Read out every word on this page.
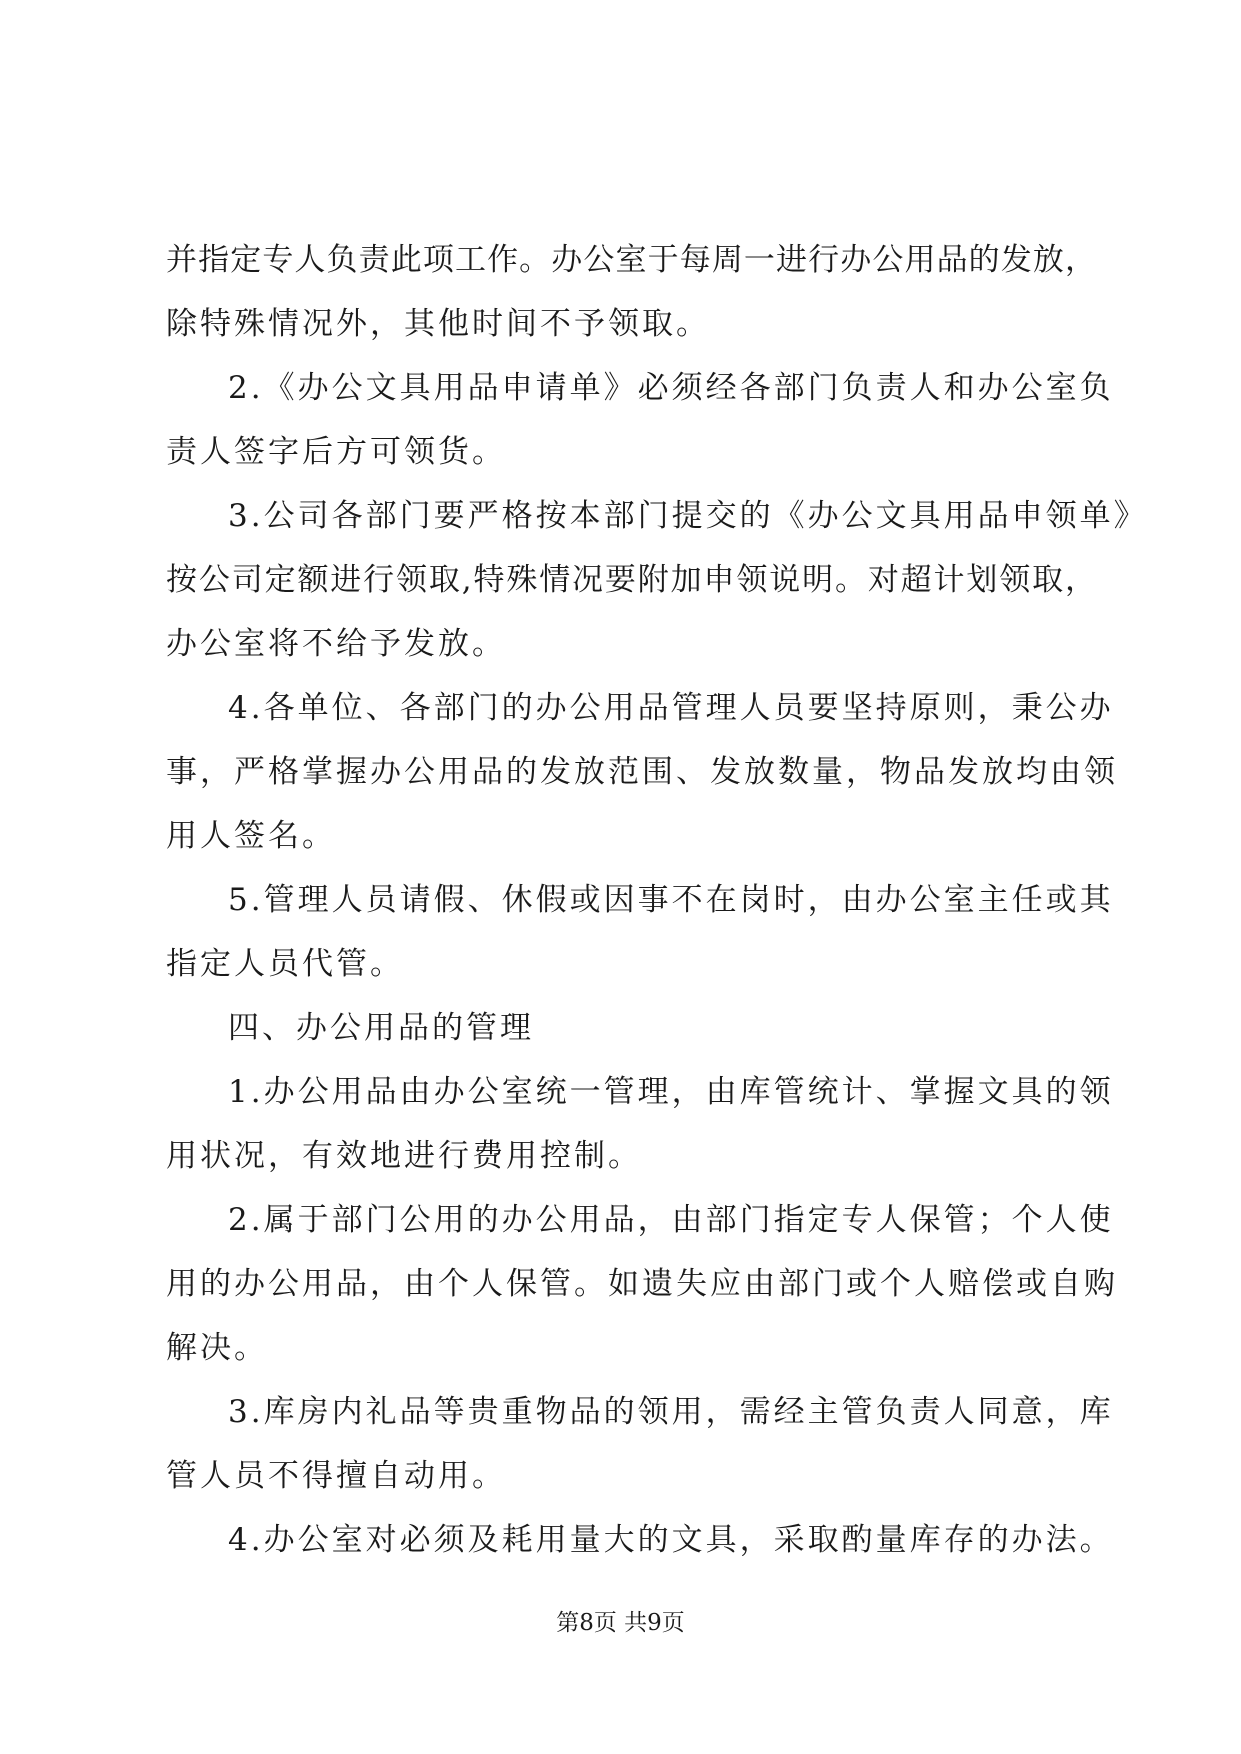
并指定专人负责此项工作。办公室于每周一进行办公用品的发放，
除特殊情况外，其他时间不予领取。
2.《办公文具用品申请单》必须经各部门负责人和办公室负
责人签字后方可领货。
3.公司各部门要严格按本部门提交的《办公文具用品申领单》
按公司定额进行领取,特殊情况要附加申领说明。对超计划领取，
办公室将不给予发放。
4.各单位、各部门的办公用品管理人员要坚持原则，秉公办
事，严格掌握办公用品的发放范围、发放数量，物品发放均由领
用人签名。
5.管理人员请假、休假或因事不在岗时，由办公室主任或其
指定人员代管。
四、办公用品的管理
1.办公用品由办公室统一管理，由库管统计、掌握文具的领
用状况，有效地进行费用控制。
2.属于部门公用的办公用品，由部门指定专人保管；个人使
用的办公用品，由个人保管。如遗失应由部门或个人赔偿或自购
解决。
3.库房内礼品等贵重物品的领用，需经主管负责人同意，库
管人员不得擅自动用。
4.办公室对必须及耗用量大的文具，采取酌量库存的办法。
第8页 共9页
